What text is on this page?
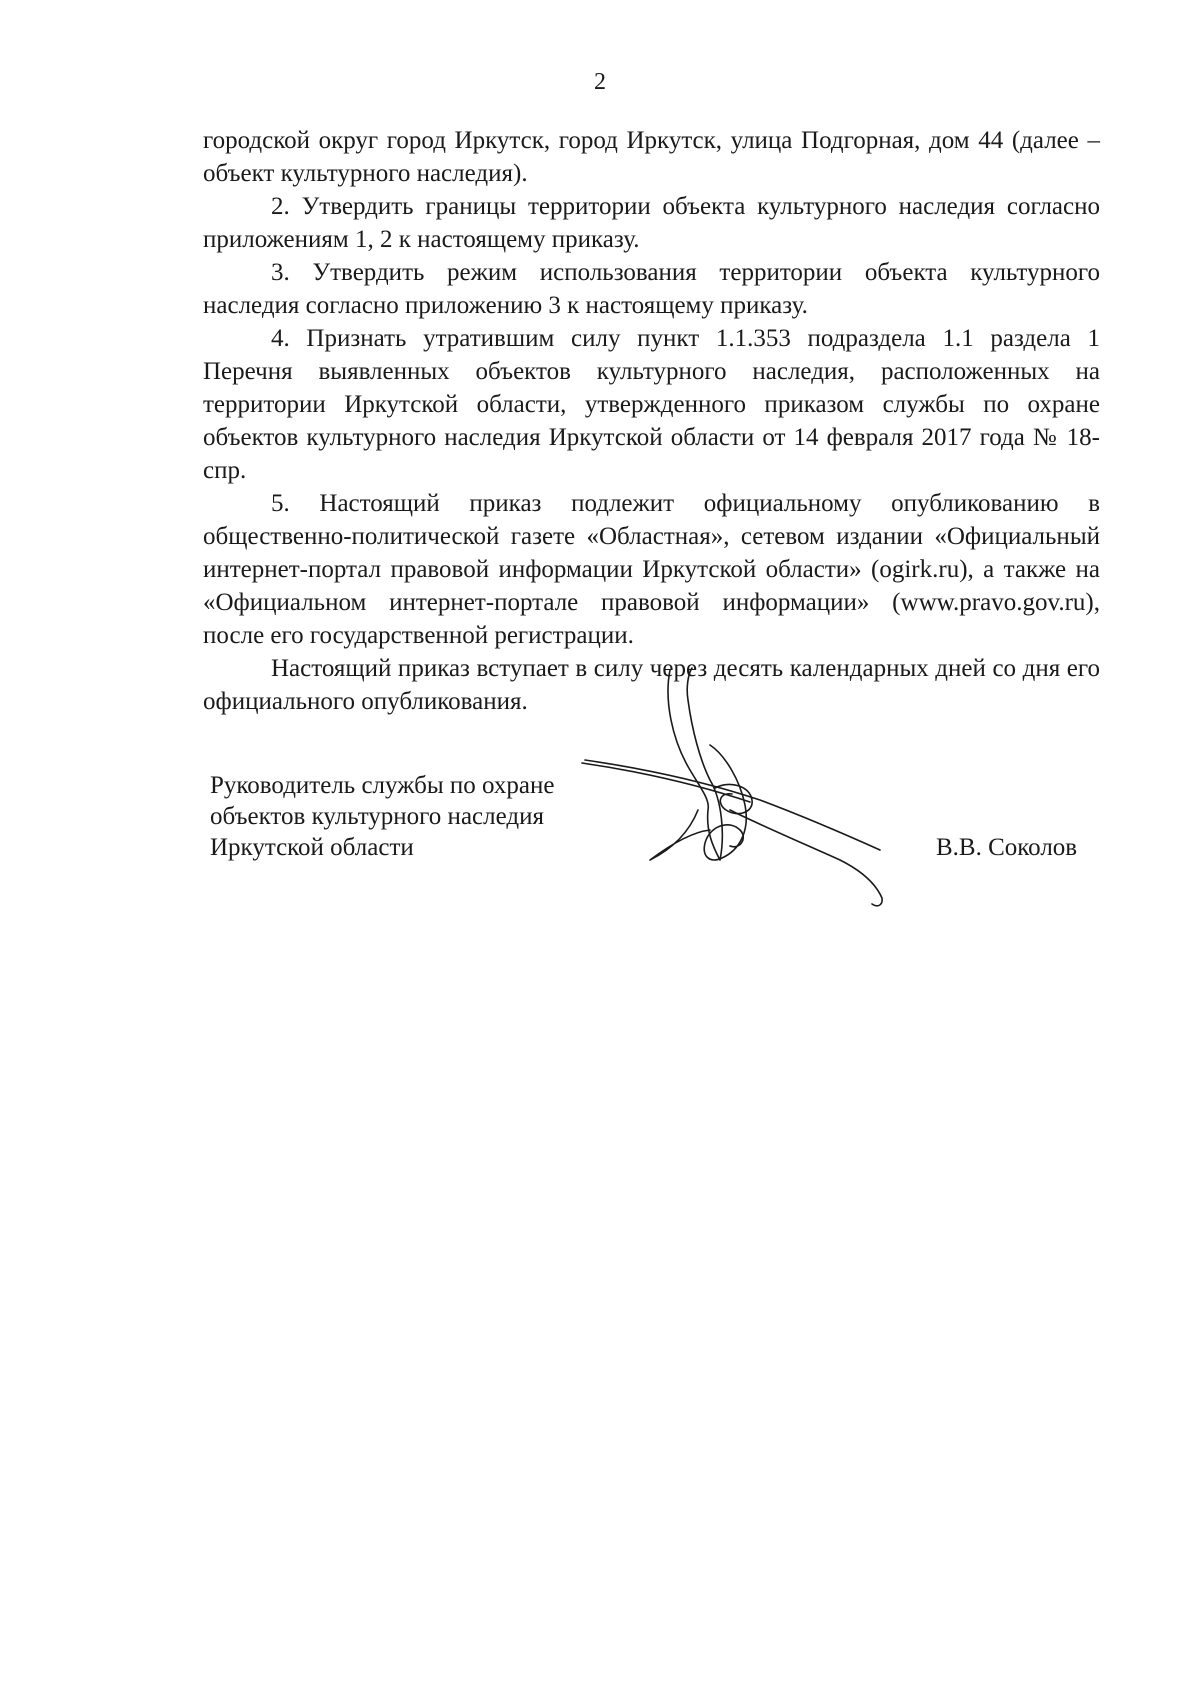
2

городской округ город Иркутск, город Иркутск, улица Подгорная, дом 44 (далее – объект культурного наследия).

2. Утвердить границы территории объекта культурного наследия согласно приложениям 1, 2 к настоящему приказу.

3. Утвердить режим использования территории объекта культурного наследия согласно приложению 3 к настоящему приказу.

4. Признать утратившим силу пункт 1.1.353 подраздела 1.1 раздела 1 Перечня выявленных объектов культурного наследия, расположенных на территории Иркутской области, утвержденного приказом службы по охране объектов культурного наследия Иркутской области от 14 февраля 2017 года № 18-спр.

5. Настоящий приказ подлежит официальному опубликованию в общественно-политической газете «Областная», сетевом издании «Официальный интернет-портал правовой информации Иркутской области» (ogirk.ru), а также на «Официальном интернет-портале правовой информации» (www.pravo.gov.ru), после его государственной регистрации.

Настоящий приказ вступает в силу через десять календарных дней со дня его официального опубликования.

Руководитель службы по охране
объектов культурного наследия
Иркутской области	В.В. Соколов
